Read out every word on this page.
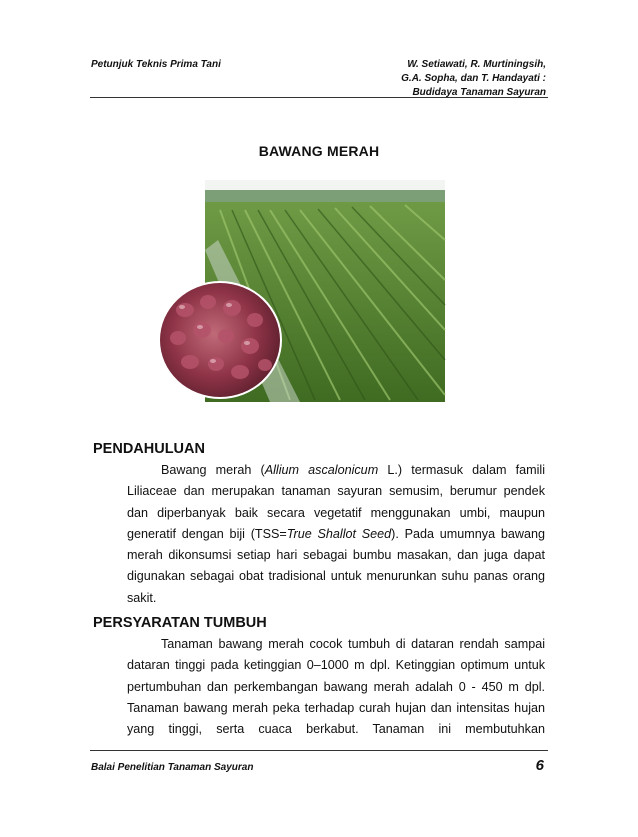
Petunjuk Teknis Prima Tani	W. Setiawati, R. Murtiningsih,
G.A. Sopha, dan T. Handayati :
Budidaya Tanaman Sayuran
BAWANG MERAH
PENDAHULUAN
Bawang merah (Allium ascalonicum L.) termasuk dalam famili
Liliaceae dan merupakan tanaman sayuran semusim, berumur pendek
dan diperbanyak baik secara vegetatif menggunakan umbi, maupun
generatif dengan biji (TSS=True Shallot Seed). Pada umumnya bawang
merah dikonsumsi setiap hari sebagai bumbu masakan, dan juga dapat
digunakan sebagai obat tradisional untuk menurunkan suhu panas orang
sakit.
PERSYARATAN TUMBUH
Tanaman bawang merah cocok tumbuh di dataran rendah sampai
dataran tinggi pada ketinggian 0–1000 m dpl. Ketinggian optimum untuk
pertumbuhan dan perkembangan bawang merah adalah 0 - 450 m dpl.
Tanaman bawang merah peka terhadap curah hujan dan intensitas hujan
yang tinggi, serta cuaca berkabut. Tanaman ini membutuhkan
Balai Penelitian Tanaman Sayuran	6
